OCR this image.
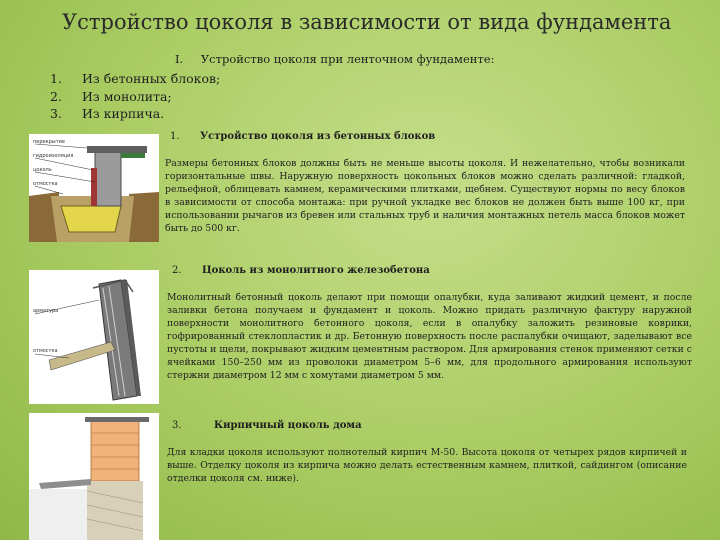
Устройство цоколя в зависимости от вида фундамента
I. Устройство цоколя при ленточном фундаменте:
1. Из бетонных блоков;
2. Из монолита;
3. Из кирпича.
перекрытие
гидроизоляция
цоколь
отмостка
1. Устройство цоколя из бетонных блоков
Размеры бетонных блоков должны быть не меньше высоты цоколя. И нежелательно, чтобы возникали горизонтальные швы. Наружную поверхность цокольных блоков можно сделать различной: гладкой, рельефной, облицевать камнем, керамическими плитками, щебнем. Существуют нормы по весу блоков в зависимости от способа монтажа: при ручной укладке вес блоков не должен быть выше 100 кг, при использовании рычагов из бревен или стальных труб и наличия монтажных петель масса блоков может быть до 500 кг.
арматура
отмостка
2. Цоколь из монолитного железобетона
Монолитный бетонный цоколь делают при помощи опалубки, куда заливают жидкий цемент, и после заливки бетона получаем и фундамент и цоколь. Можно придать различную фактуру наружной поверхности монолитного бетонного цоколя, если в опалубку заложить резиновые коврики, гофрированный стеклопластик и др. Бетонную поверхность после распалубки очищают, заделывают все пустоты и щели, покрывают жидким цементным раствором. Для армирования стенок применяют сетки с ячейками 150–250 мм из проволоки диаметром 5–6 мм, для продольного армирования используют стержни диаметром 12 мм с хомутами диаметром 5 мм.
3.	Кирпичный цоколь дома
Для кладки цоколя используют полнотелый кирпич М-50. Высота цоколя от четырех рядов кирпичей и выше. Отделку цоколя из кирпича можно делать естественным камнем, плиткой, сайдингом (описание отделки цоколя см. ниже).
